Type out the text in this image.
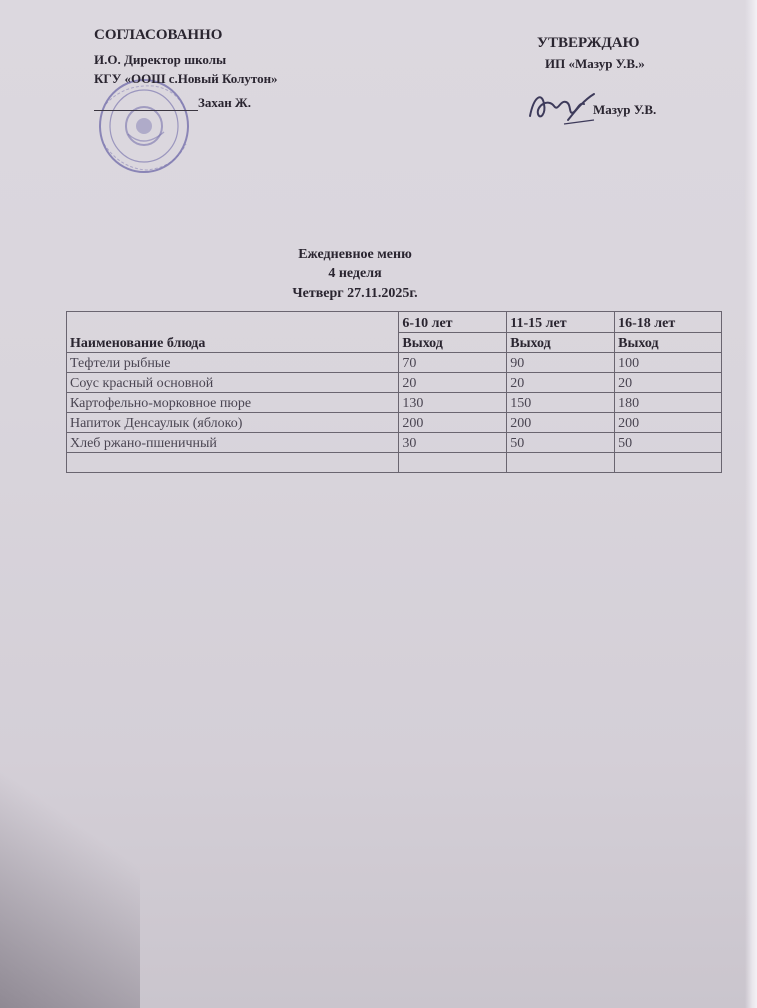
СОГЛАСОВАННО
И.О. Директор школы
КГУ «ООШ с.Новый Колутон»
Захан Ж.
УТВЕРЖДАЮ
ИП «Мазур У.В.»
Мазур У.В.
Ежедневное меню
4 неделя
Четверг 27.11.2025г.
	6-10 лет	11-15 лет	16-18 лет
Наименование блюда	Выход	Выход	Выход
Тефтели рыбные	70	90	100
Соус красный основной	20	20	20
Картофельно-морковное пюре	130	150	180
Напиток Денсаулык (яблоко)	200	200	200
Хлеб ржано-пшеничный	30	50	50
